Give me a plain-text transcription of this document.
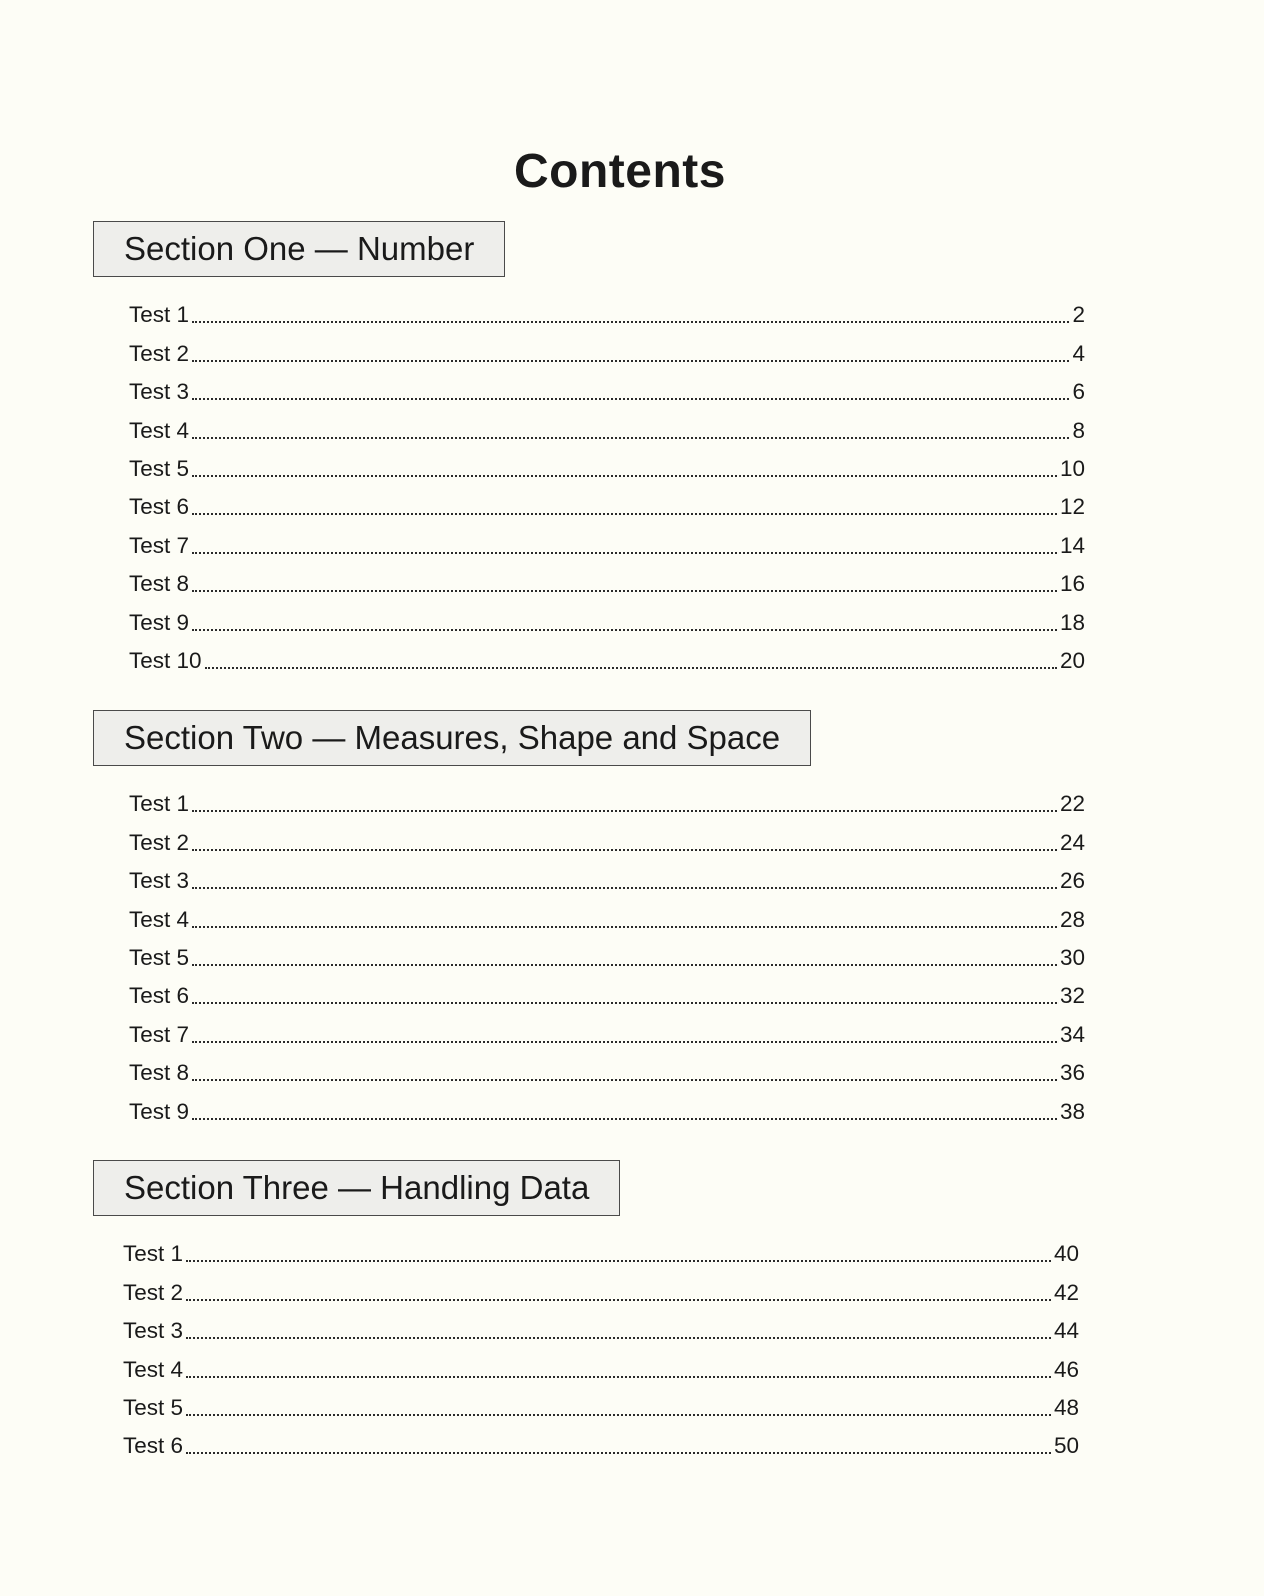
Contents
Section One — Number
Test 1	2
Test 2	4
Test 3	6
Test 4	8
Test 5	10
Test 6	12
Test 7	14
Test 8	16
Test 9	18
Test 10	20
Section Two — Measures, Shape and Space
Test 1	22
Test 2	24
Test 3	26
Test 4	28
Test 5	30
Test 6	32
Test 7	34
Test 8	36
Test 9	38
Section Three — Handling Data
Test 1	40
Test 2	42
Test 3	44
Test 4	46
Test 5	48
Test 6	50
